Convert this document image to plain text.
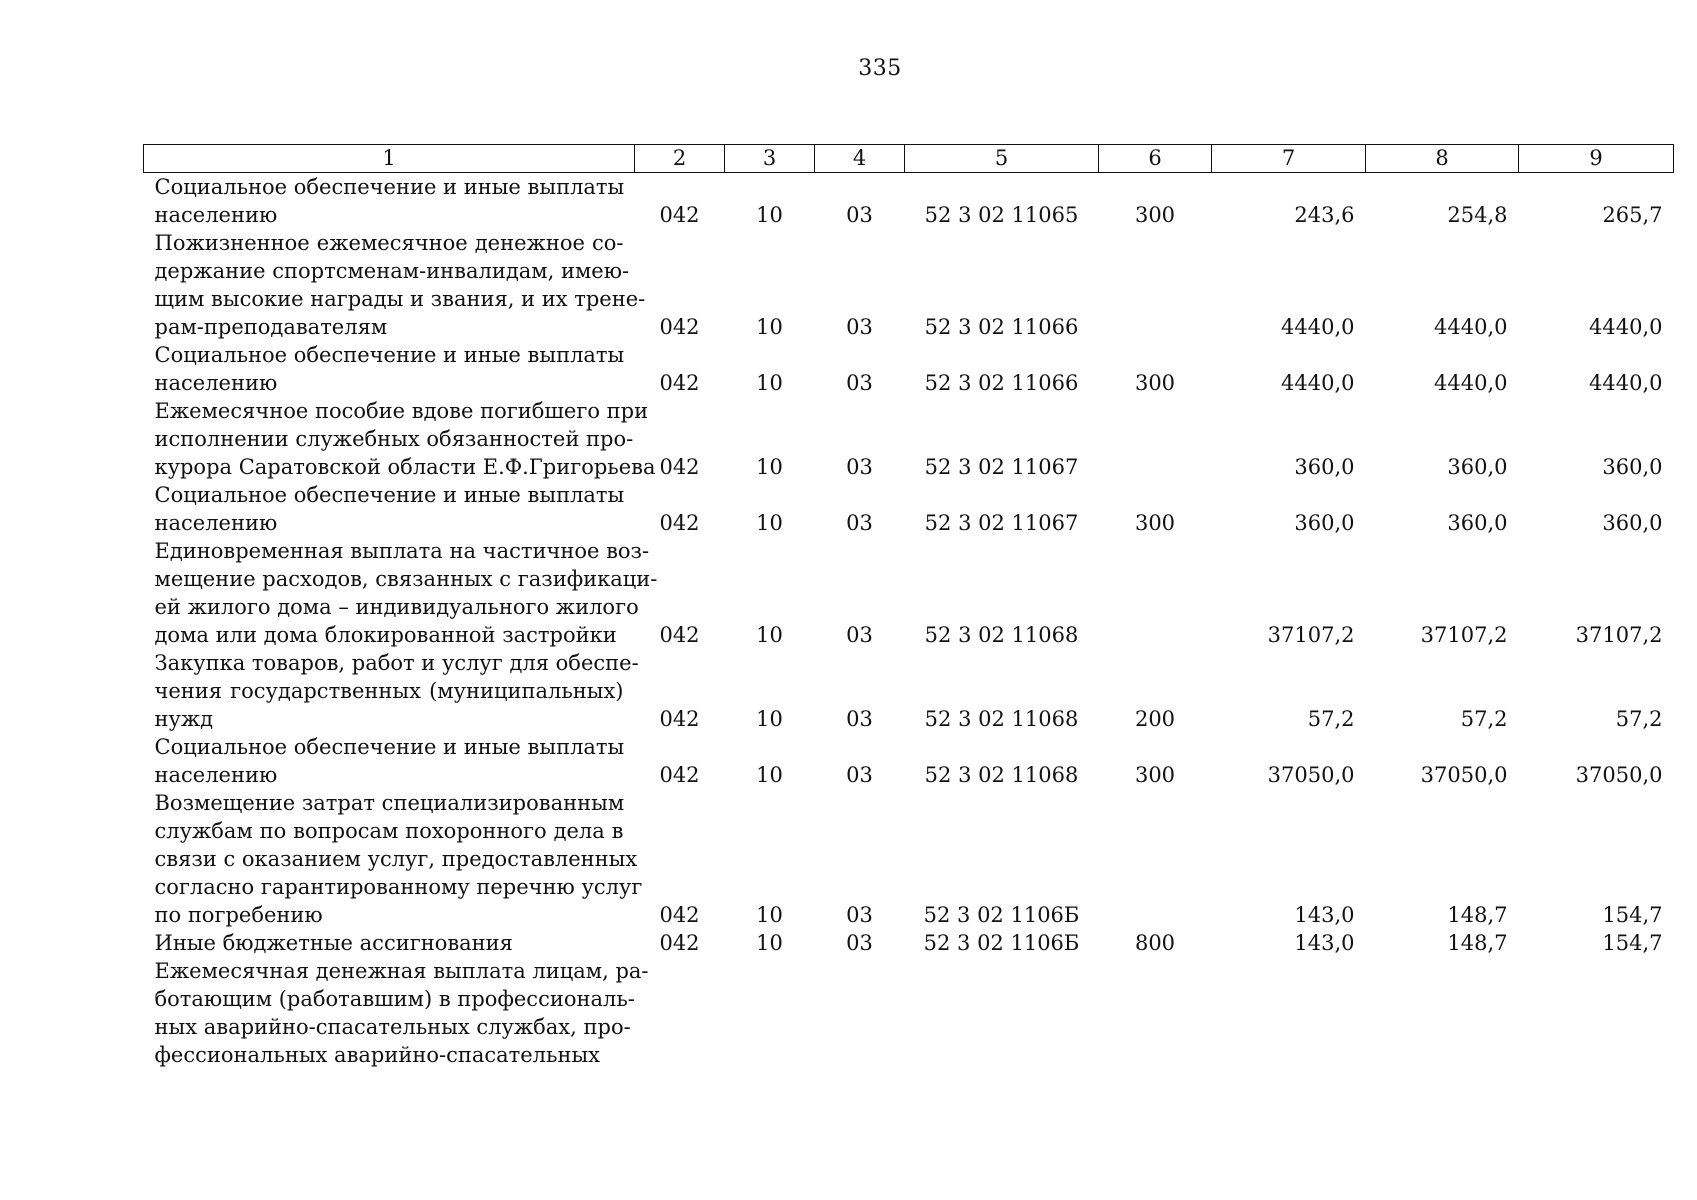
335
1	2	3	4	5	6	7	8	9

Социальное обеспечение и иные выплаты
населению	042	10	03	52 3 02 11065	300	243,6	254,8	265,7

Пожизненное ежемесячное денежное со-
держание спортсменам-инвалидам, имею-
щим высокие награды и звания, и их трене-
рам-преподавателям	042	10	03	52 3 02 11066		4440,0	4440,0	4440,0

Социальное обеспечение и иные выплаты
населению	042	10	03	52 3 02 11066	300	4440,0	4440,0	4440,0

Ежемесячное пособие вдове погибшего при
исполнении служебных обязанностей про-
курора Саратовской области Е.Ф.Григорьева	042	10	03	52 3 02 11067		360,0	360,0	360,0

Социальное обеспечение и иные выплаты
населению	042	10	03	52 3 02 11067	300	360,0	360,0	360,0

Единовременная выплата на частичное воз-
мещение расходов, связанных с газификаци-
ей жилого дома – индивидуального жилого
дома или дома блокированной застройки	042	10	03	52 3 02 11068		37107,2	37107,2	37107,2

Закупка товаров, работ и услуг для обеспе-
чения государственных (муниципальных)
нужд	042	10	03	52 3 02 11068	200	57,2	57,2	57,2

Социальное обеспечение и иные выплаты
населению	042	10	03	52 3 02 11068	300	37050,0	37050,0	37050,0

Возмещение затрат специализированным
службам по вопросам похоронного дела в
связи с оказанием услуг, предоставленных
согласно гарантированному перечню услуг
по погребению	042	10	03	52 3 02 1106Б		143,0	148,7	154,7

Иные бюджетные ассигнования	042	10	03	52 3 02 1106Б	800	143,0	148,7	154,7

Ежемесячная денежная выплата лицам, ра-
ботающим (работавшим) в профессиональ-
ных аварийно-спасательных службах, про-
фессиональных аварийно-спасательных								
